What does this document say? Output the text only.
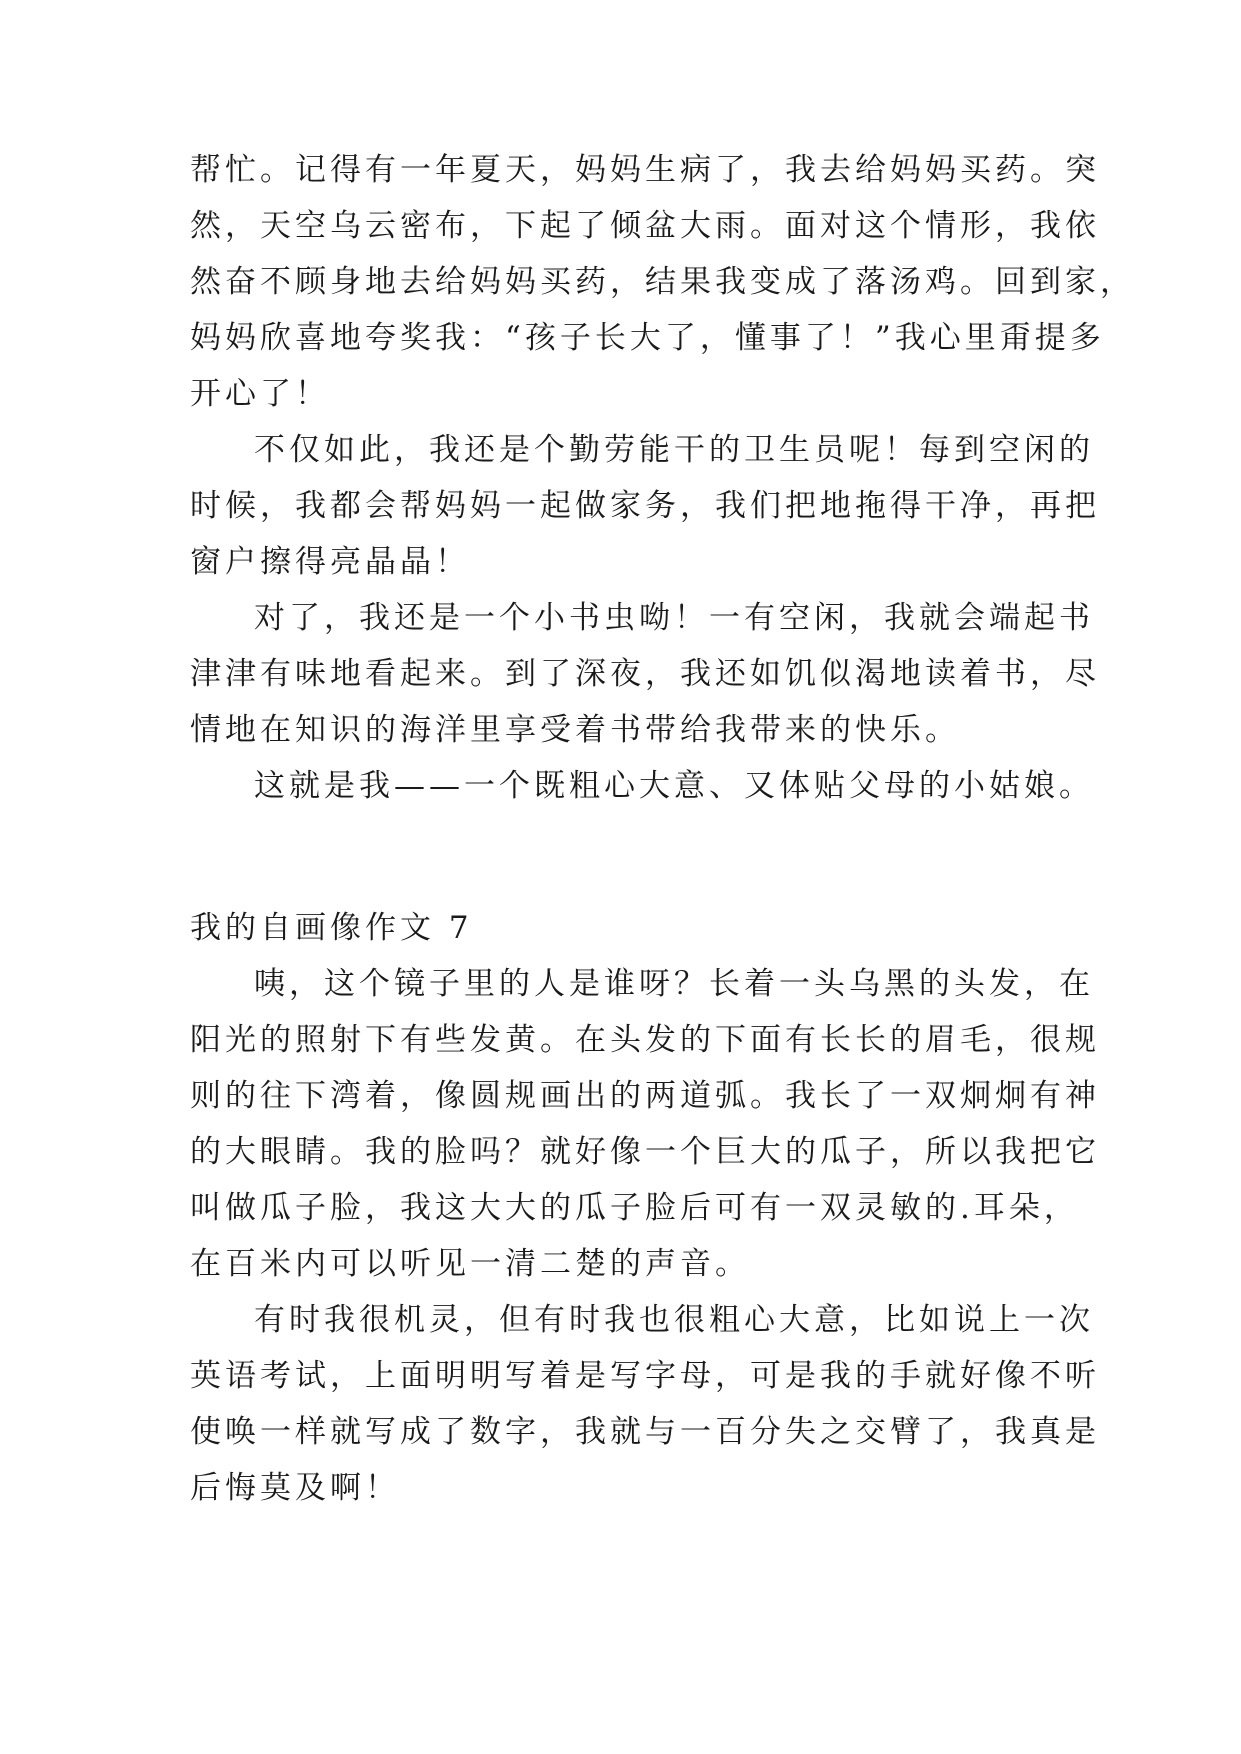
帮忙。记得有一年夏天，妈妈生病了，我去给妈妈买药。突
然，天空乌云密布，下起了倾盆大雨。面对这个情形，我依
然奋不顾身地去给妈妈买药，结果我变成了落汤鸡。回到家，
妈妈欣喜地夸奖我：“孩子长大了，懂事了！”我心里甭提多
开心了！
不仅如此，我还是个勤劳能干的卫生员呢！每到空闲的
时候，我都会帮妈妈一起做家务，我们把地拖得干净，再把
窗户擦得亮晶晶！
对了，我还是一个小书虫呦！一有空闲，我就会端起书
津津有味地看起来。到了深夜，我还如饥似渴地读着书，尽
情地在知识的海洋里享受着书带给我带来的快乐。
这就是我——一个既粗心大意、又体贴父母的小姑娘。
我的自画像作文 7
咦，这个镜子里的人是谁呀？长着一头乌黑的头发，在
阳光的照射下有些发黄。在头发的下面有长长的眉毛，很规
则的往下湾着，像圆规画出的两道弧。我长了一双炯炯有神
的大眼睛。我的脸吗？就好像一个巨大的瓜子，所以我把它
叫做瓜子脸，我这大大的瓜子脸后可有一双灵敏的.耳朵，
在百米内可以听见一清二楚的声音。
有时我很机灵，但有时我也很粗心大意，比如说上一次
英语考试，上面明明写着是写字母，可是我的手就好像不听
使唤一样就写成了数字，我就与一百分失之交臂了，我真是
后悔莫及啊！
